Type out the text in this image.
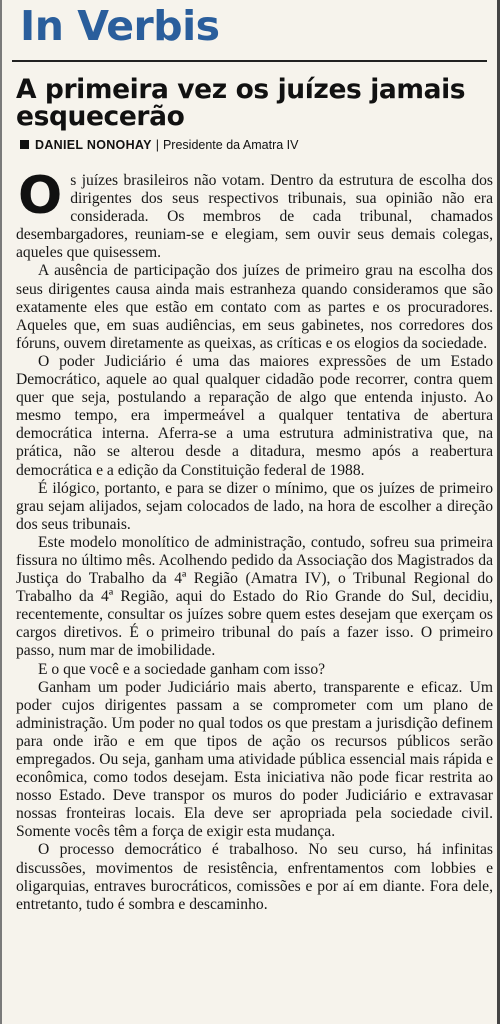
In Verbis
A primeira vez os juízes jamais esquecerão
DANIEL NONOHAY | Presidente da Amatra IV

Os juízes brasileiros não votam. Dentro da estrutura de escolha dos dirigentes dos seus respectivos tribunais, sua opinião não era considerada. Os membros de cada tribunal, chamados desembargadores, reuniam-se e elegiam, sem ouvir seus demais colegas, aqueles que quisessem.

A ausência de participação dos juízes de primeiro grau na escolha dos seus dirigentes causa ainda mais estranheza quando consideramos que são exatamente eles que estão em contato com as partes e os procuradores. Aqueles que, em suas audiências, em seus gabinetes, nos corredores dos fóruns, ouvem diretamente as queixas, as críticas e os elogios da sociedade.

O poder Judiciário é uma das maiores expressões de um Estado Democrático, aquele ao qual qualquer cidadão pode recorrer, contra quem quer que seja, postulando a reparação de algo que entenda injusto. Ao mesmo tempo, era impermeável a qualquer tentativa de abertura democrática interna. Aferra-se a uma estrutura administrativa que, na prática, não se alterou desde a ditadura, mesmo após a reabertura democrática e a edição da Constituição federal de 1988.

É ilógico, portanto, e para se dizer o mínimo, que os juízes de primeiro grau sejam alijados, sejam colocados de lado, na hora de escolher a direção dos seus tribunais.

Este modelo monolítico de administração, contudo, sofreu sua primeira fissura no último mês. Acolhendo pedido da Associação dos Magistrados da Justiça do Trabalho da 4ª Região (Amatra IV), o Tribunal Regional do Trabalho da 4ª Região, aqui do Estado do Rio Grande do Sul, decidiu, recentemente, consultar os juízes sobre quem estes desejam que exerçam os cargos diretivos. É o primeiro tribunal do país a fazer isso. O primeiro passo, num mar de imobilidade.

E o que você e a sociedade ganham com isso?

Ganham um poder Judiciário mais aberto, transparente e eficaz. Um poder cujos dirigentes passam a se comprometer com um plano de administração. Um poder no qual todos os que prestam a jurisdição definem para onde irão e em que tipos de ação os recursos públicos serão empregados. Ou seja, ganham uma atividade pública essencial mais rápida e econômica, como todos desejam. Esta iniciativa não pode ficar restrita ao nosso Estado. Deve transpor os muros do poder Judiciário e extravasar nossas fronteiras locais. Ela deve ser apropriada pela sociedade civil. Somente vocês têm a força de exigir esta mudança.

O processo democrático é trabalhoso. No seu curso, há infinitas discussões, movimentos de resistência, enfrentamentos com lobbies e oligarquias, entraves burocráticos, comissões e por aí em diante. Fora dele, entretanto, tudo é sombra e descaminho.
